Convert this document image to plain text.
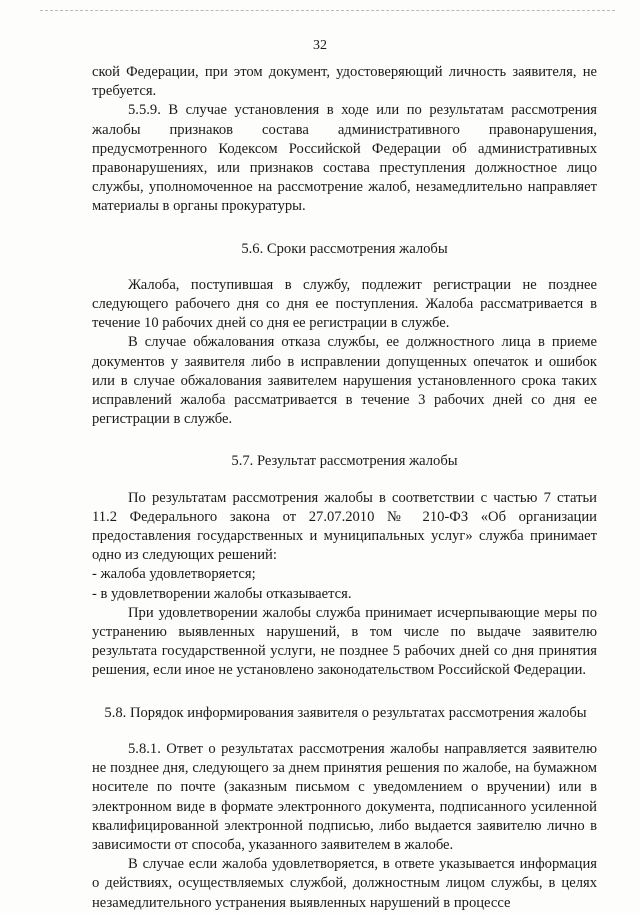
32

ской Федерации, при этом документ, удостоверяющий личность заявителя, не требуется.

5.5.9. В случае установления в ходе или по результатам рассмотрения жалобы признаков состава административного правонарушения, предусмотренного Кодексом Российской Федерации об административных правонарушениях, или признаков состава преступления должностное лицо службы, уполномоченное на рассмотрение жалоб, незамедлительно направляет материалы в органы прокуратуры.

5.6. Сроки рассмотрения жалобы

Жалоба, поступившая в службу, подлежит регистрации не позднее следующего рабочего дня со дня ее поступления. Жалоба рассматривается в течение 10 рабочих дней со дня ее регистрации в службе.

В случае обжалования отказа службы, ее должностного лица в приеме документов у заявителя либо в исправлении допущенных опечаток и ошибок или в случае обжалования заявителем нарушения установленного срока таких исправлений жалоба рассматривается в течение 3 рабочих дней со дня ее регистрации в службе.

5.7. Результат рассмотрения жалобы

По результатам рассмотрения жалобы в соответствии с частью 7 статьи 11.2 Федерального закона от 27.07.2010 № 210-ФЗ «Об организации предоставления государственных и муниципальных услуг» служба принимает одно из следующих решений:

- жалоба удовлетворяется;

- в удовлетворении жалобы отказывается.

При удовлетворении жалобы служба принимает исчерпывающие меры по устранению выявленных нарушений, в том числе по выдаче заявителю результата государственной услуги, не позднее 5 рабочих дней со дня принятия решения, если иное не установлено законодательством Российской Федерации.

5.8. Порядок информирования заявителя о результатах рассмотрения жалобы

5.8.1. Ответ о результатах рассмотрения жалобы направляется заявителю не позднее дня, следующего за днем принятия решения по жалобе, на бумажном носителе по почте (заказным письмом с уведомлением о вручении) или в электронном виде в формате электронного документа, подписанного усиленной квалифицированной электронной подписью, либо выдается заявителю лично в зависимости от способа, указанного заявителем в жалобе.

В случае если жалоба удовлетворяется, в ответе указывается информация о действиях, осуществляемых службой, должностным лицом службы, в целях незамедлительного устранения выявленных нарушений в процессе
